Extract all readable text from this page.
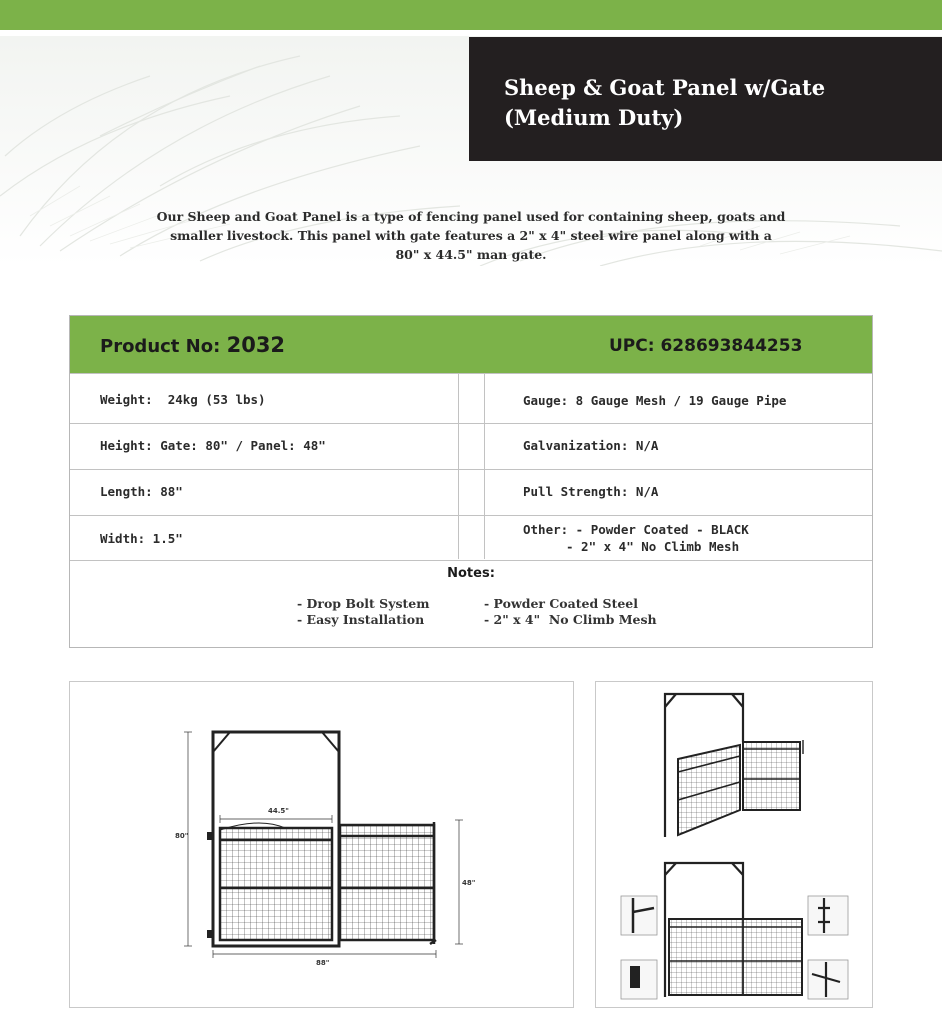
Sheep & Goat Panel w/Gate
(Medium Duty)
Our Sheep and Goat Panel is a type of fencing panel used for containing sheep, goats and
smaller livestock. This panel with gate features a 2" x 4" steel wire panel along with a
80" x 44.5" man gate.
Product No: 2032	UPC: 628693844253
Weight:  24kg (53 lbs)
Height: Gate: 80" / Panel: 48"
Length: 88"
Width: 1.5"
Gauge: 8 Gauge Mesh / 19 Gauge Pipe
Galvanization: N/A
Pull Strength: N/A
Other: - Powder Coated - BLACK
- 2" x 4" No Climb Mesh
Notes:
- Drop Bolt System
- Easy Installation
- Powder Coated Steel
- 2" x 4"  No Climb Mesh
44.5"
80"
48"
88"
